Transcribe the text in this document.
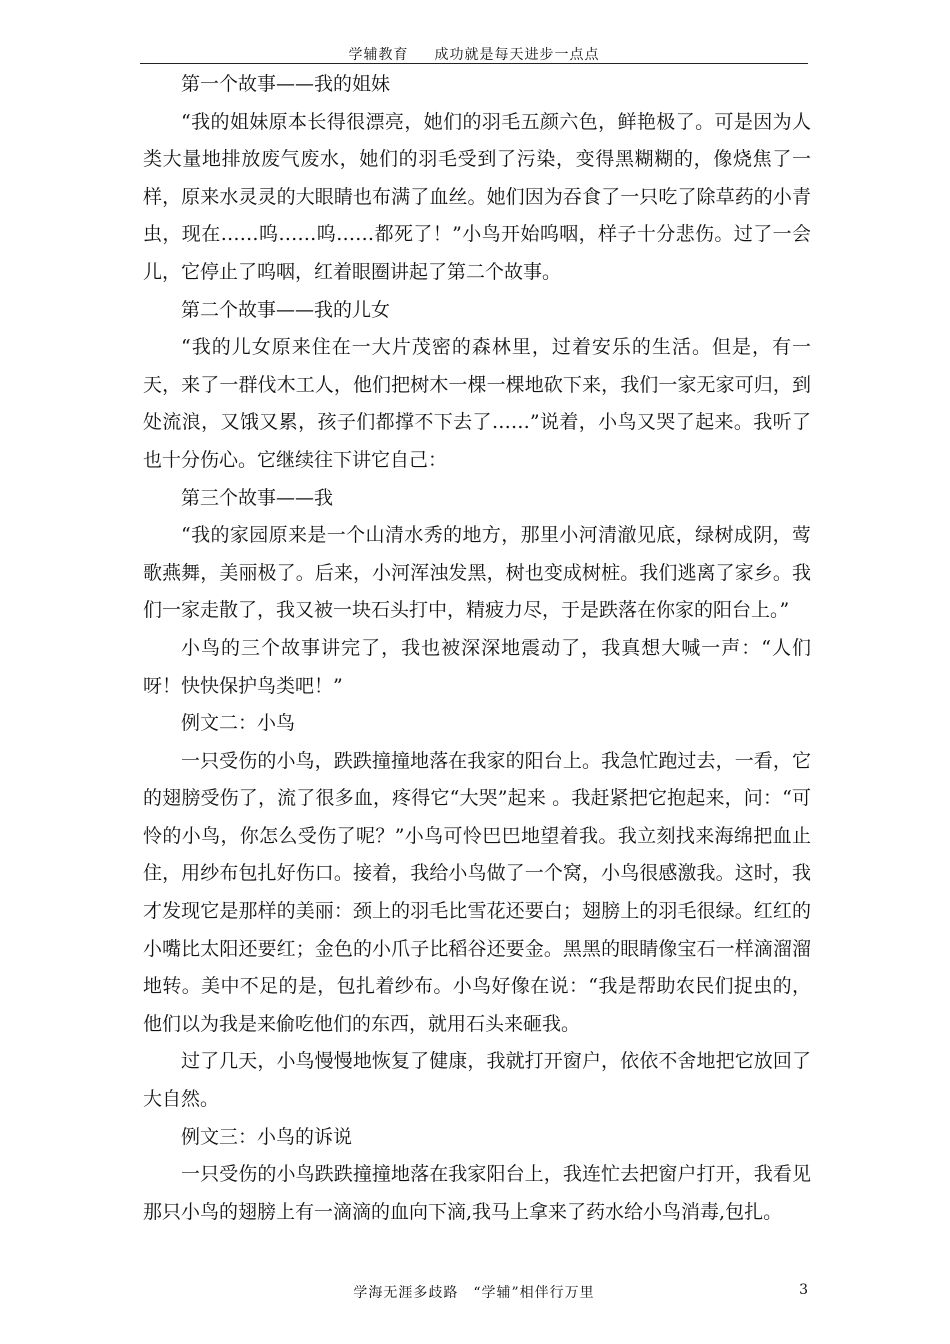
学辅教育 成功就是每天进步一点点

第一个故事——我的姐妹

“我的姐妹原本长得很漂亮，她们的羽毛五颜六色，鲜艳极了。可是因为人类大量地排放废气废水，她们的羽毛受到了污染，变得黑糊糊的，像烧焦了一样，原来水灵灵的大眼睛也布满了血丝。她们因为吞食了一只吃了除草药的小青虫，现在……呜……呜……都死了！”小鸟开始呜咽，样子十分悲伤。过了一会儿，它停止了呜咽，红着眼圈讲起了第二个故事。

第二个故事——我的儿女

“我的儿女原来住在一大片茂密的森林里，过着安乐的生活。但是，有一天，来了一群伐木工人，他们把树木一棵一棵地砍下来，我们一家无家可归，到处流浪，又饿又累，孩子们都撑不下去了……”说着，小鸟又哭了起来。我听了也十分伤心。它继续往下讲它自己：

第三个故事——我

“我的家园原来是一个山清水秀的地方，那里小河清澈见底，绿树成阴，莺歌燕舞，美丽极了。后来，小河浑浊发黑，树也变成树桩。我们逃离了家乡。我们一家走散了，我又被一块石头打中，精疲力尽，于是跌落在你家的阳台上。”

小鸟的三个故事讲完了，我也被深深地震动了，我真想大喊一声：“人们呀！快快保护鸟类吧！”

例文二：小鸟

一只受伤的小鸟，跌跌撞撞地落在我家的阳台上。我急忙跑过去，一看，它的翅膀受伤了，流了很多血，疼得它“大哭”起来 。我赶紧把它抱起来，问：“可怜的小鸟，你怎么受伤了呢？”小鸟可怜巴巴地望着我。我立刻找来海绵把血止住，用纱布包扎好伤口。接着，我给小鸟做了一个窝，小鸟很感激我。这时，我才发现它是那样的美丽：颈上的羽毛比雪花还要白；翅膀上的羽毛很绿。红红的小嘴比太阳还要红；金色的小爪子比稻谷还要金。黑黑的眼睛像宝石一样滴溜溜地转。美中不足的是，包扎着纱布。小鸟好像在说：“我是帮助农民们捉虫的，他们以为我是来偷吃他们的东西，就用石头来砸我。

过了几天，小鸟慢慢地恢复了健康，我就打开窗户，依依不舍地把它放回了大自然。

例文三：小鸟的诉说

一只受伤的小鸟跌跌撞撞地落在我家阳台上，我连忙去把窗户打开，我看见那只小鸟的翅膀上有一滴滴的血向下滴,我马上拿来了药水给小鸟消毒,包扎。

学海无涯多歧路　“学辅”相伴行万里	3
